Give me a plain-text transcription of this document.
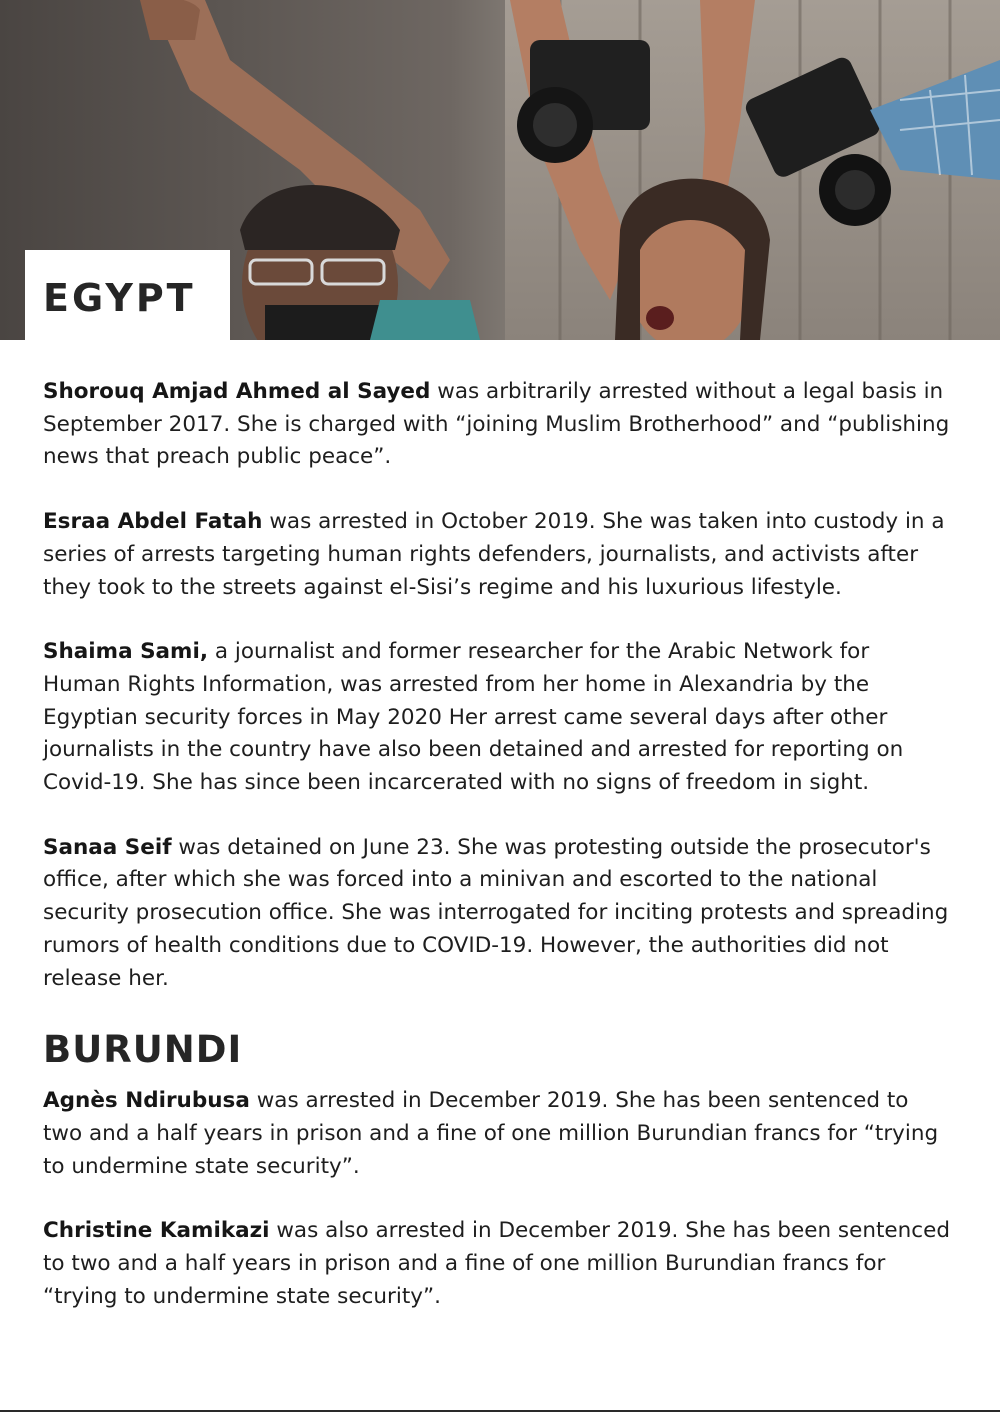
EGYPT

Shorouq Amjad Ahmed al Sayed was arbitrarily arrested without a legal basis in September 2017. She is charged with “joining Muslim Brotherhood” and “publishing news that preach public peace”.

Esraa Abdel Fatah was arrested in October 2019. She was taken into custody in a series of arrests targeting human rights defenders, journalists, and activists after they took to the streets against el-Sisi’s regime and his luxurious lifestyle.

Shaima Sami, a journalist and former researcher for the Arabic Network for Human Rights Information, was arrested from her home in Alexandria by the Egyptian security forces in May 2020 Her arrest came several days after other journalists in the country have also been detained and arrested for reporting on Covid-19. She has since been incarcerated with no signs of freedom in sight.

Sanaa Seif was detained on June 23. She was protesting outside the prosecutor's office, after which she was forced into a minivan and escorted to the national security prosecution office. She was interrogated for inciting protests and spreading rumors of health conditions due to COVID-19. However, the authorities did not release her.

BURUNDI

Agnès Ndirubusa was arrested in December 2019. She has been sentenced to two and a half years in prison and a fine of one million Burundian francs for “trying to undermine state security”.

Christine Kamikazi was also arrested in December 2019. She has been sentenced to two and a half years in prison and a fine of one million Burundian francs for “trying to undermine state security”.
